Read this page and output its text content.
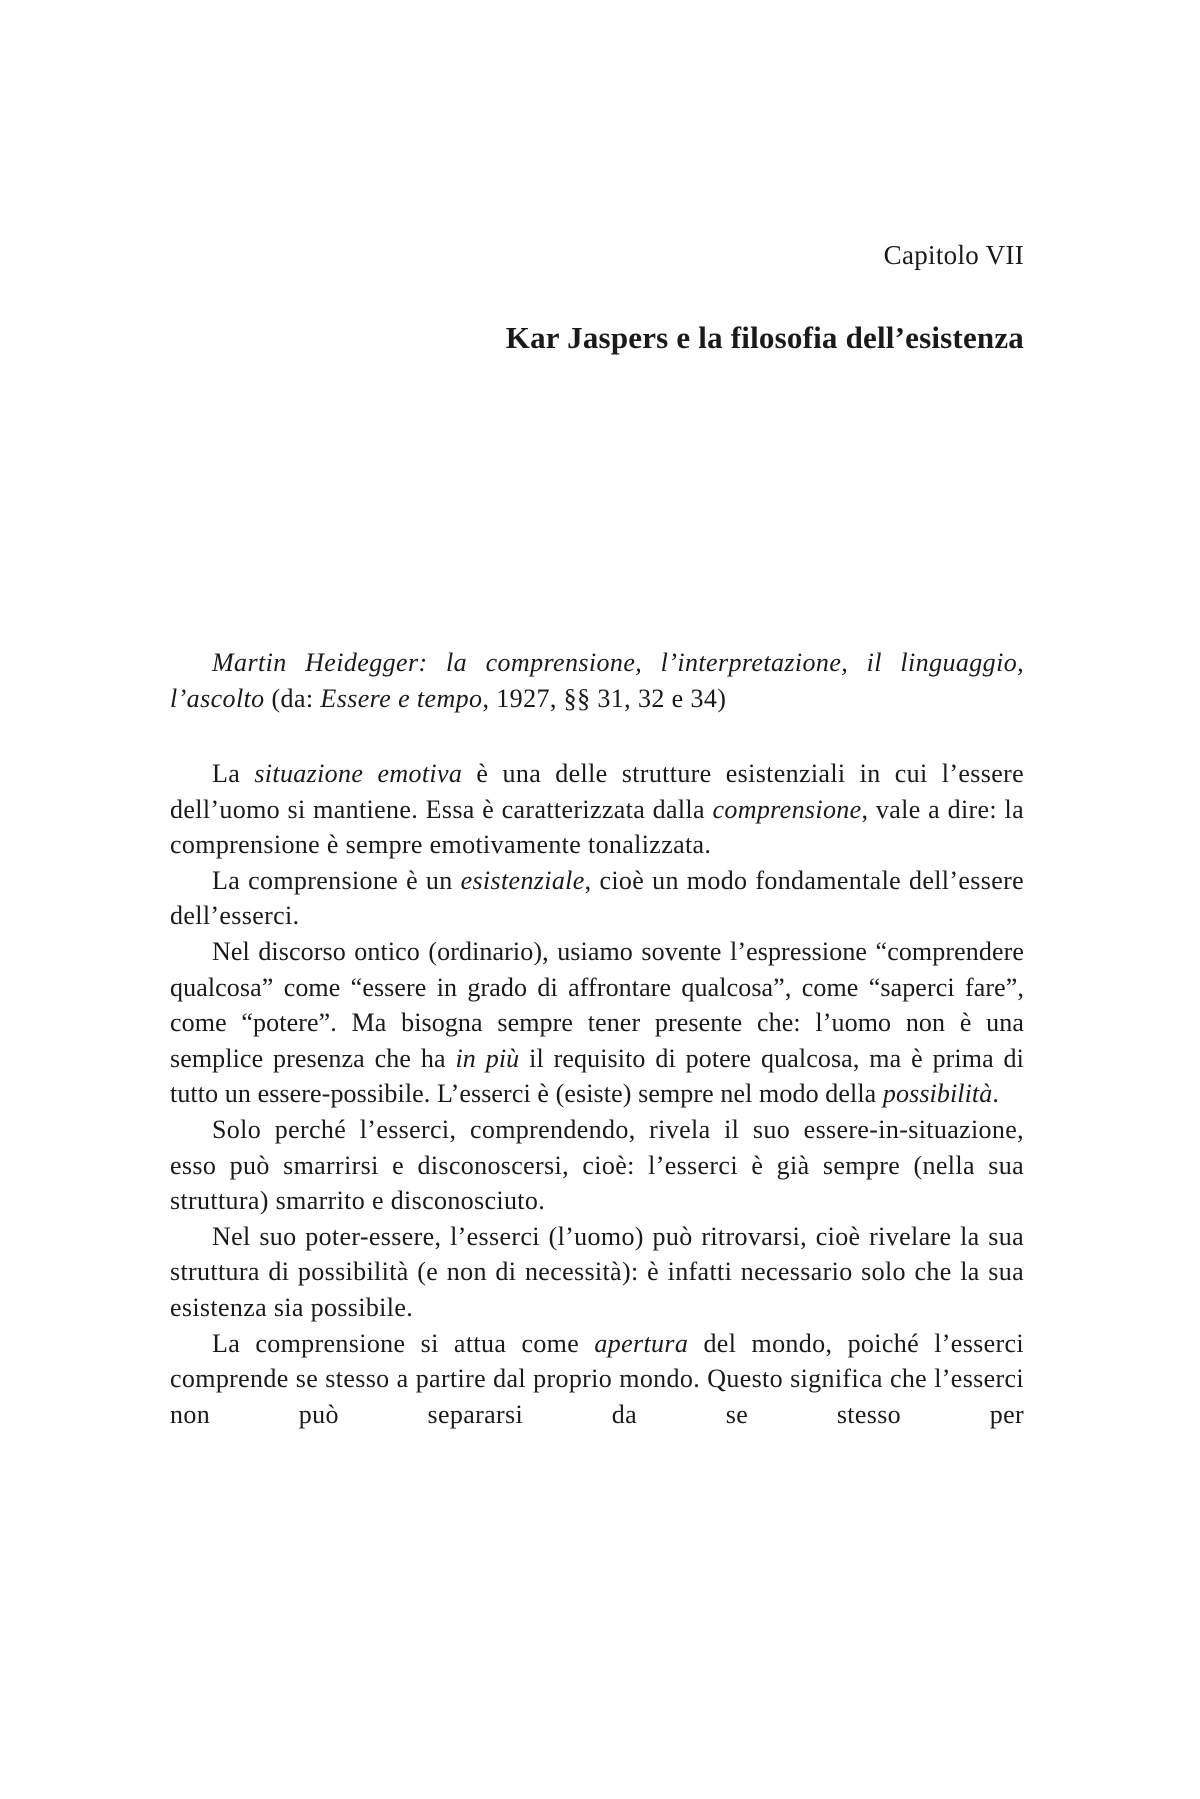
Capitolo VII
Kar Jaspers e la filosofia dell’esistenza

Martin Heidegger: la comprensione, l’interpretazione, il linguaggio, l’ascolto (da: Essere e tempo, 1927, §§ 31, 32 e 34)

La situazione emotiva è una delle strutture esistenziali in cui l’essere dell’uomo si mantiene. Essa è caratterizzata dalla comprensione, vale a dire: la comprensione è sempre emotivamente tonalizzata.

La comprensione è un esistenziale, cioè un modo fondamentale dell’essere dell’esserci.

Nel discorso ontico (ordinario), usiamo sovente l’espressione “comprendere qualcosa” come “essere in grado di affrontare qualcosa”, come “saperci fare”, come “potere”. Ma bisogna sempre tener presente che: l’uomo non è una semplice presenza che ha in più il requisito di potere qualcosa, ma è prima di tutto un essere-possibile. L’esserci è (esiste) sempre nel modo della possibilità.

Solo perché l’esserci, comprendendo, rivela il suo essere-in-situazione, esso può smarrirsi e disconoscersi, cioè: l’esserci è già sempre (nella sua struttura) smarrito e disconosciuto.

Nel suo poter-essere, l’esserci (l’uomo) può ritrovarsi, cioè rivelare la sua struttura di possibilità (e non di necessità): è infatti necessario solo che la sua esistenza sia possibile.

La comprensione si attua come apertura del mondo, poiché l’esserci comprende se stesso a partire dal proprio mondo. Questo significa che l’esserci non può separarsi da se stesso per
